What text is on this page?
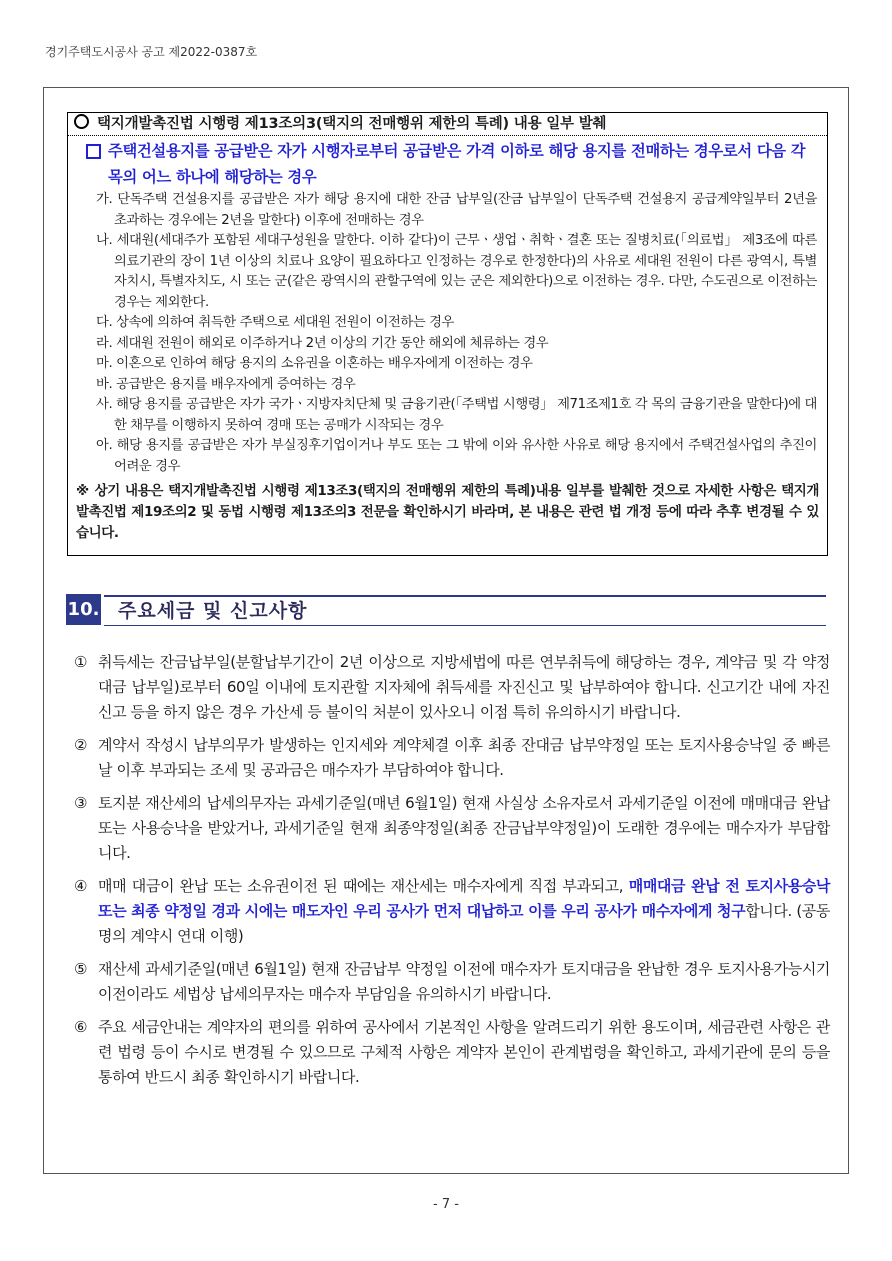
경기주택도시공사 공고 제2022-0387호
택지개발촉진법 시행령 제13조의3(택지의 전매행위 제한의 특례) 내용 일부 발췌
주택건설용지를 공급받은 자가 시행자로부터 공급받은 가격 이하로 해당 용지를 전매하는 경우로서 다음 각 목의 어느 하나에 해당하는 경우
가. 단독주택 건설용지를 공급받은 자가 해당 용지에 대한 잔금 납부일(잔금 납부일이 단독주택 건설용지 공급계약일부터 2년을 초과하는 경우에는 2년을 말한다) 이후에 전매하는 경우
나. 세대원(세대주가 포함된 세대구성원을 말한다. 이하 같다)이 근무ㆍ생업ㆍ취학ㆍ결혼 또는 질병치료(「의료법」 제3조에 따른 의료기관의 장이 1년 이상의 치료나 요양이 필요하다고 인정하는 경우로 한정한다)의 사유로 세대원 전원이 다른 광역시, 특별자치시, 특별자치도, 시 또는 군(같은 광역시의 관할구역에 있는 군은 제외한다)으로 이전하는 경우. 다만, 수도권으로 이전하는 경우는 제외한다.
다. 상속에 의하여 취득한 주택으로 세대원 전원이 이전하는 경우
라. 세대원 전원이 해외로 이주하거나 2년 이상의 기간 동안 해외에 체류하는 경우
마. 이혼으로 인하여 해당 용지의 소유권을 이혼하는 배우자에게 이전하는 경우
바. 공급받은 용지를 배우자에게 증여하는 경우
사. 해당 용지를 공급받은 자가 국가ㆍ지방자치단체 및 금융기관(「주택법 시행령」 제71조제1호 각 목의 금융기관을 말한다)에 대한 채무를 이행하지 못하여 경매 또는 공매가 시작되는 경우
아. 해당 용지를 공급받은 자가 부실징후기업이거나 부도 또는 그 밖에 이와 유사한 사유로 해당 용지에서 주택건설사업의 추진이 어려운 경우
※ 상기 내용은 택지개발촉진법 시행령 제13조3(택지의 전매행위 제한의 특례)내용 일부를 발췌한 것으로 자세한 사항은 택지개발촉진법 제19조의2 및 동법 시행령 제13조의3 전문을 확인하시기 바라며, 본 내용은 관련 법 개정 등에 따라 추후 변경될 수 있습니다.
10. 주요세금 및 신고사항
① 취득세는 잔금납부일(분할납부기간이 2년 이상으로 지방세법에 따른 연부취득에 해당하는 경우, 계약금 및 각 약정대금 납부일)로부터 60일 이내에 토지관할 지자체에 취득세를 자진신고 및 납부하여야 합니다. 신고기간 내에 자진신고 등을 하지 않은 경우 가산세 등 불이익 처분이 있사오니 이점 특히 유의하시기 바랍니다.
② 계약서 작성시 납부의무가 발생하는 인지세와 계약체결 이후 최종 잔대금 납부약정일 또는 토지사용승낙일 중 빠른 날 이후 부과되는 조세 및 공과금은 매수자가 부담하여야 합니다.
③ 토지분 재산세의 납세의무자는 과세기준일(매년 6월1일) 현재 사실상 소유자로서 과세기준일 이전에 매매대금 완납 또는 사용승낙을 받았거나, 과세기준일 현재 최종약정일(최종 잔금납부약정일)이 도래한 경우에는 매수자가 부담합니다.
④ 매매 대금이 완납 또는 소유권이전 된 때에는 재산세는 매수자에게 직접 부과되고, 매매대금 완납 전 토지사용승낙 또는 최종 약정일 경과 시에는 매도자인 우리 공사가 먼저 대납하고 이를 우리 공사가 매수자에게 청구합니다. (공동명의 계약시 연대 이행)
⑤ 재산세 과세기준일(매년 6월1일) 현재 잔금납부 약정일 이전에 매수자가 토지대금을 완납한 경우 토지사용가능시기 이전이라도 세법상 납세의무자는 매수자 부담임을 유의하시기 바랍니다.
⑥ 주요 세금안내는 계약자의 편의를 위하여 공사에서 기본적인 사항을 알려드리기 위한 용도이며, 세금관련 사항은 관련 법령 등이 수시로 변경될 수 있으므로 구체적 사항은 계약자 본인이 관계법령을 확인하고, 과세기관에 문의 등을 통하여 반드시 최종 확인하시기 바랍니다.
- 7 -
